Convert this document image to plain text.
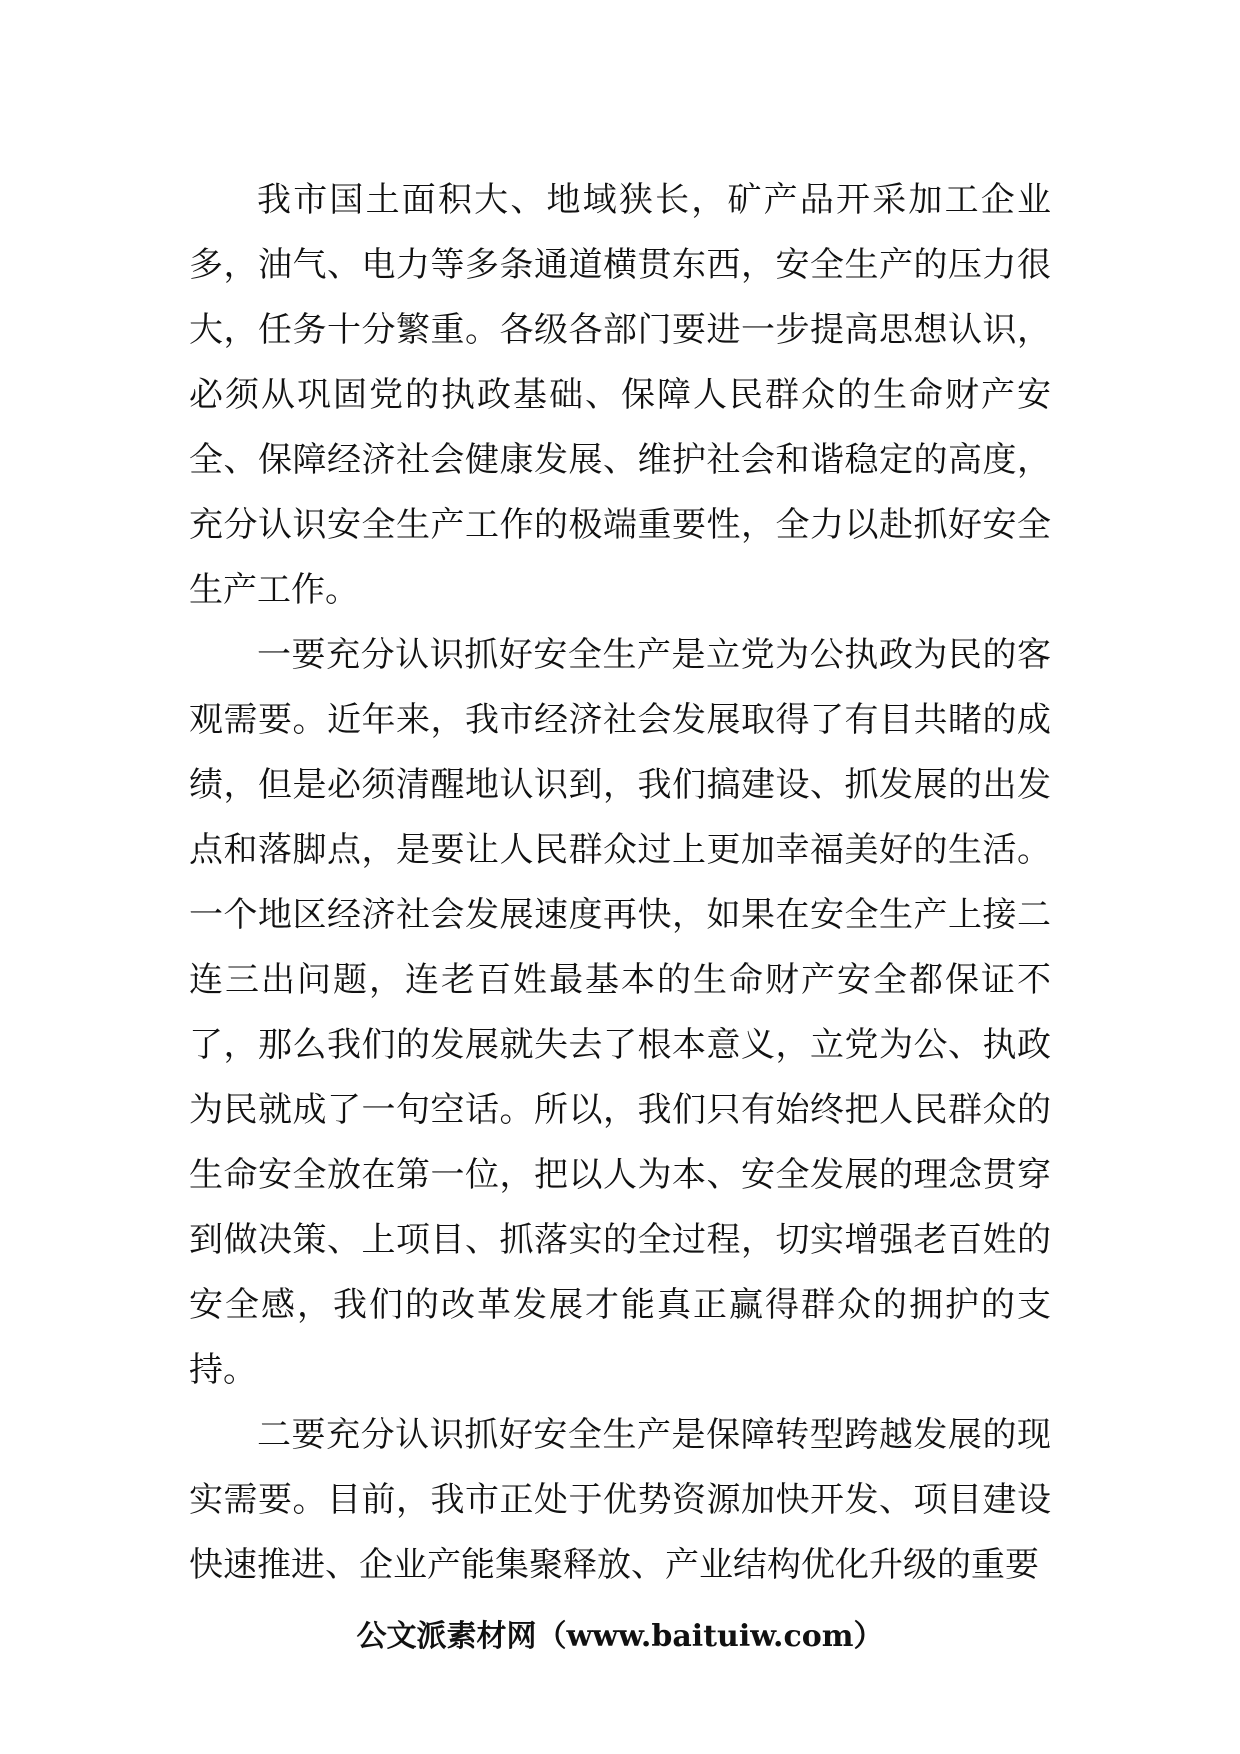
我市国土面积大、地域狭长，矿产品开采加工企业多，油气、电力等多条通道横贯东西，安全生产的压力很大，任务十分繁重。各级各部门要进一步提高思想认识，必须从巩固党的执政基础、保障人民群众的生命财产安全、保障经济社会健康发展、维护社会和谐稳定的高度，充分认识安全生产工作的极端重要性，全力以赴抓好安全生产工作。

一要充分认识抓好安全生产是立党为公执政为民的客观需要。近年来，我市经济社会发展取得了有目共睹的成绩，但是必须清醒地认识到，我们搞建设、抓发展的出发点和落脚点，是要让人民群众过上更加幸福美好的生活。一个地区经济社会发展速度再快，如果在安全生产上接二连三出问题，连老百姓最基本的生命财产安全都保证不了，那么我们的发展就失去了根本意义，立党为公、执政为民就成了一句空话。所以，我们只有始终把人民群众的生命安全放在第一位，把以人为本、安全发展的理念贯穿到做决策、上项目、抓落实的全过程，切实增强老百姓的安全感，我们的改革发展才能真正赢得群众的拥护的支持。

二要充分认识抓好安全生产是保障转型跨越发展的现实需要。目前，我市正处于优势资源加快开发、项目建设快速推进、企业产能集聚释放、产业结构优化升级的重要

公文派素材网（www.baituiw.com）
